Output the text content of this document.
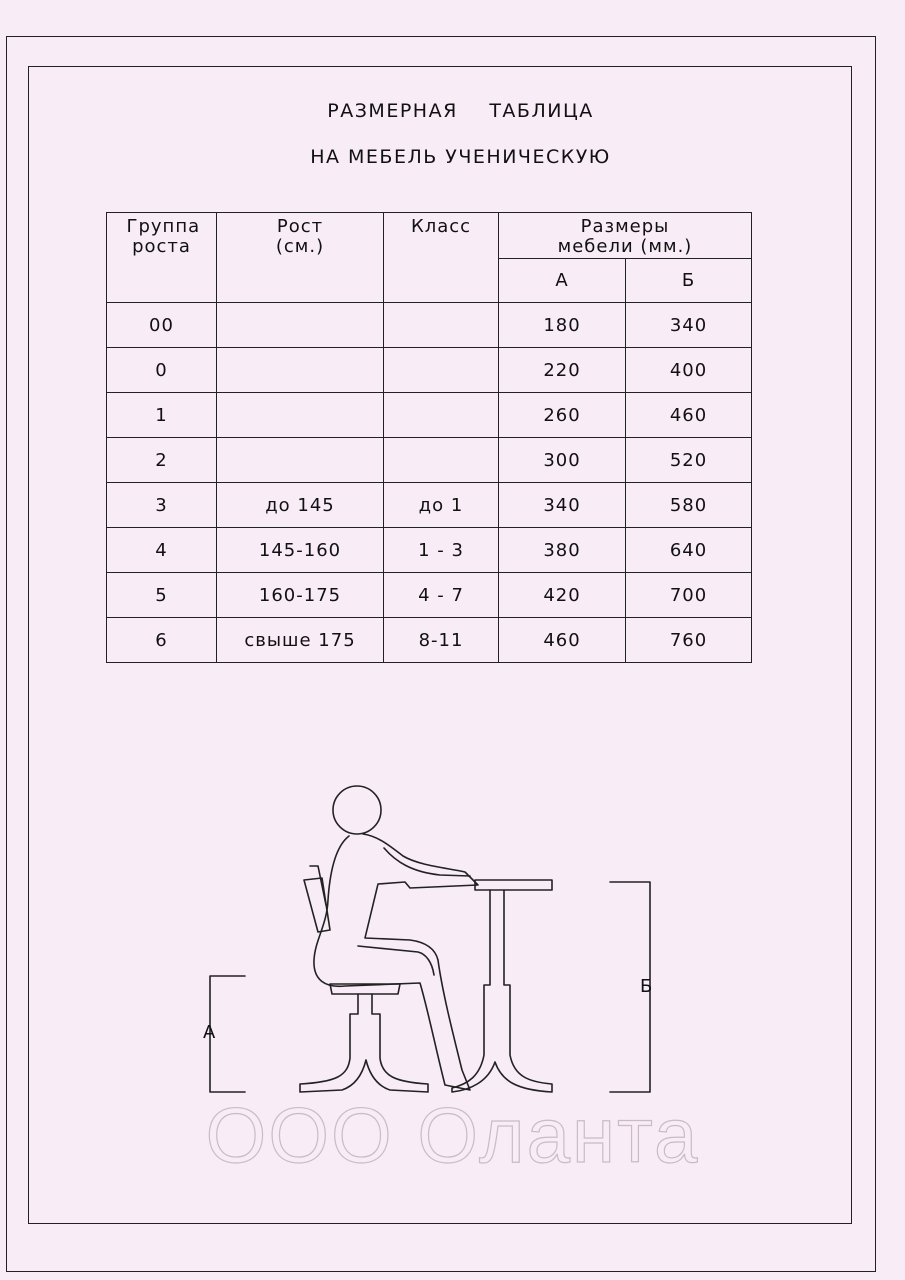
РАЗМЕРНАЯ ТАБЛИЦА
НА МЕБЕЛЬ УЧЕНИЧЕСКУЮ
Группа роста	Рост (см.)	Класс	Размеры мебели (мм.)	

			А	Б
00			180	340
0			220	400
1			260	460
2			300	520
3	до 145	до 1	340	580
4	145-160	1 - 3	380	640
5	160-175	4 - 7	420	700
6	свыше 175	8-11	460	760
А
Б
ООО Оланта
